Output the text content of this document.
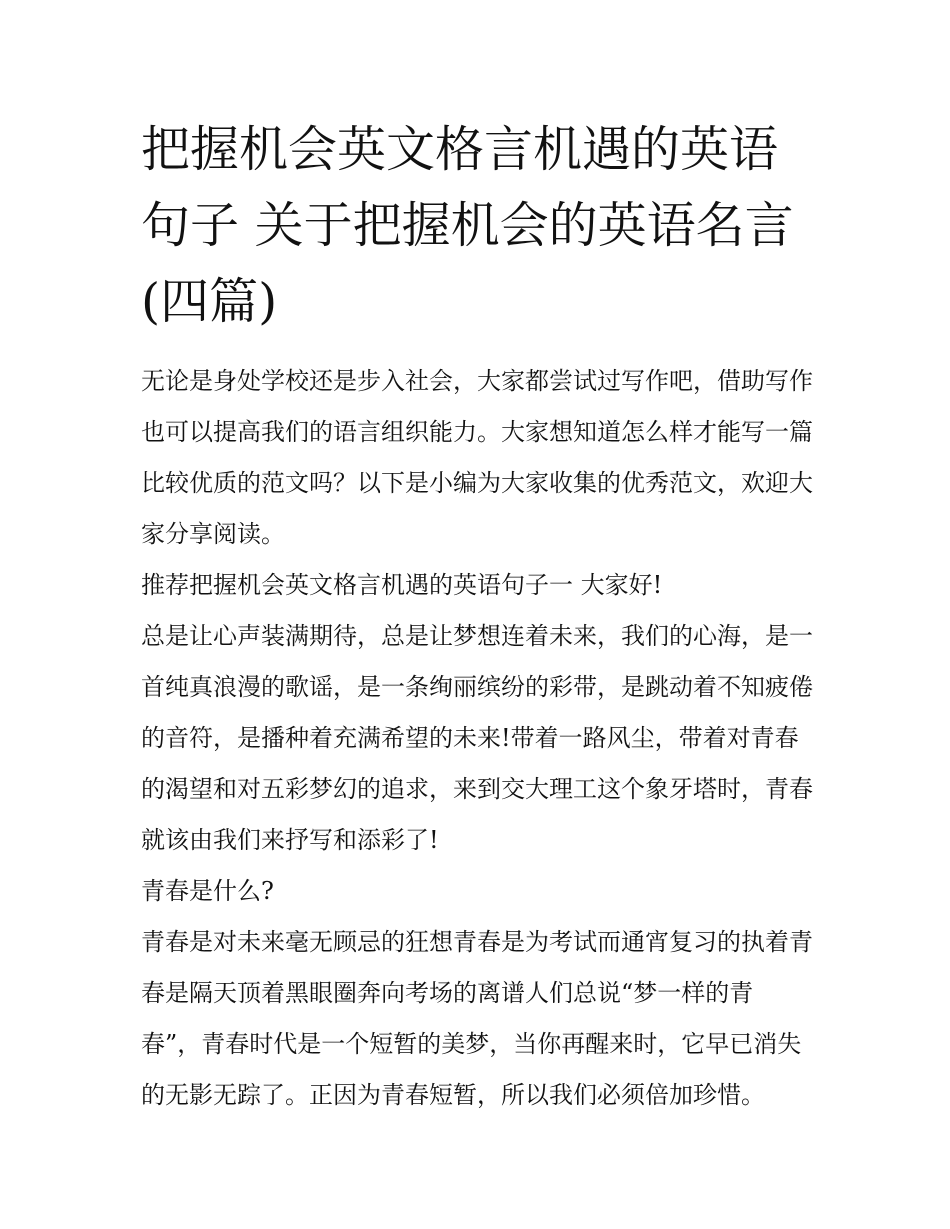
把握机会英文格言机遇的英语句子 关于把握机会的英语名言(四篇)

无论是身处学校还是步入社会，大家都尝试过写作吧，借助写作也可以提高我们的语言组织能力。大家想知道怎么样才能写一篇比较优质的范文吗？以下是小编为大家收集的优秀范文，欢迎大家分享阅读。

推荐把握机会英文格言机遇的英语句子一 大家好!

总是让心声装满期待，总是让梦想连着未来，我们的心海，是一首纯真浪漫的歌谣，是一条绚丽缤纷的彩带，是跳动着不知疲倦的音符，是播种着充满希望的未来!带着一路风尘，带着对青春的渴望和对五彩梦幻的追求，来到交大理工这个象牙塔时，青春就该由我们来抒写和添彩了!

青春是什么?

青春是对未来毫无顾忌的狂想青春是为考试而通宵复习的执着青春是隔天顶着黑眼圈奔向考场的离谱人们总说“梦一样的青春”，青春时代是一个短暂的美梦，当你再醒来时，它早已消失的无影无踪了。正因为青春短暂，所以我们必须倍加珍惜。
